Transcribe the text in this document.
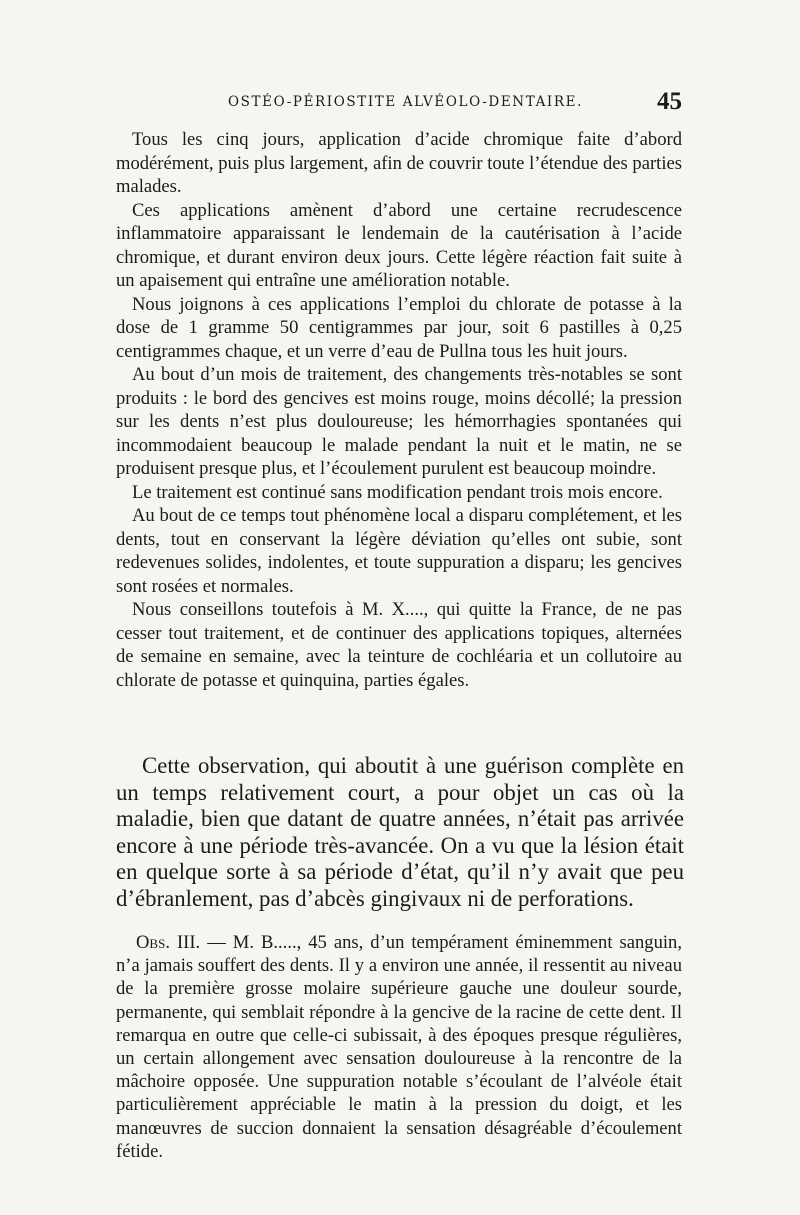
OSTÉO-PÉRIOSTITE ALVÉOLO-DENTAIRE.	45

Tous les cinq jours, application d’acide chromique faite d’abord modérément, puis plus largement, afin de couvrir toute l’étendue des parties malades.

Ces applications amènent d’abord une certaine recrudescence inflammatoire apparaissant le lendemain de la cautérisation à l’acide chromique, et durant environ deux jours. Cette légère réaction fait suite à un apaisement qui entraîne une amélioration notable.

Nous joignons à ces applications l’emploi du chlorate de potasse à la dose de 1 gramme 50 centigrammes par jour, soit 6 pastilles à 0,25 centigrammes chaque, et un verre d’eau de Pullna tous les huit jours.

Au bout d’un mois de traitement, des changements très-notables se sont produits : le bord des gencives est moins rouge, moins décollé; la pression sur les dents n’est plus douloureuse; les hémorrhagies spontanées qui incommodaient beaucoup le malade pendant la nuit et le matin, ne se produisent presque plus, et l’écoulement purulent est beaucoup moindre.

Le traitement est continué sans modification pendant trois mois encore.

Au bout de ce temps tout phénomène local a disparu complétement, et les dents, tout en conservant la légère déviation qu’elles ont subie, sont redevenues solides, indolentes, et toute suppuration a disparu; les gencives sont rosées et normales.

Nous conseillons toutefois à M. X...., qui quitte la France, de ne pas cesser tout traitement, et de continuer des applications topiques, alternées de semaine en semaine, avec la teinture de cochléaria et un collutoire au chlorate de potasse et quinquina, parties égales.

Cette observation, qui aboutit à une guérison complète en un temps relativement court, a pour objet un cas où la maladie, bien que datant de quatre années, n’était pas arrivée encore à une période très-avancée. On a vu que la lésion était en quelque sorte à sa période d’état, qu’il n’y avait que peu d’ébranlement, pas d’abcès gingivaux ni de perforations.

Obs. III. — M. B....., 45 ans, d’un tempérament éminemment sanguin, n’a jamais souffert des dents. Il y a environ une année, il ressentit au niveau de la première grosse molaire supérieure gauche une douleur sourde, permanente, qui semblait répondre à la gencive de la racine de cette dent. Il remarqua en outre que celle-ci subissait, à des époques presque régulières, un certain allongement avec sensation douloureuse à la rencontre de la mâchoire opposée. Une suppuration notable s’écoulant de l’alvéole était particulièrement appréciable le matin à la pression du doigt, et les manœuvres de succion donnaient la sensation désagréable d’écoulement fétide.
